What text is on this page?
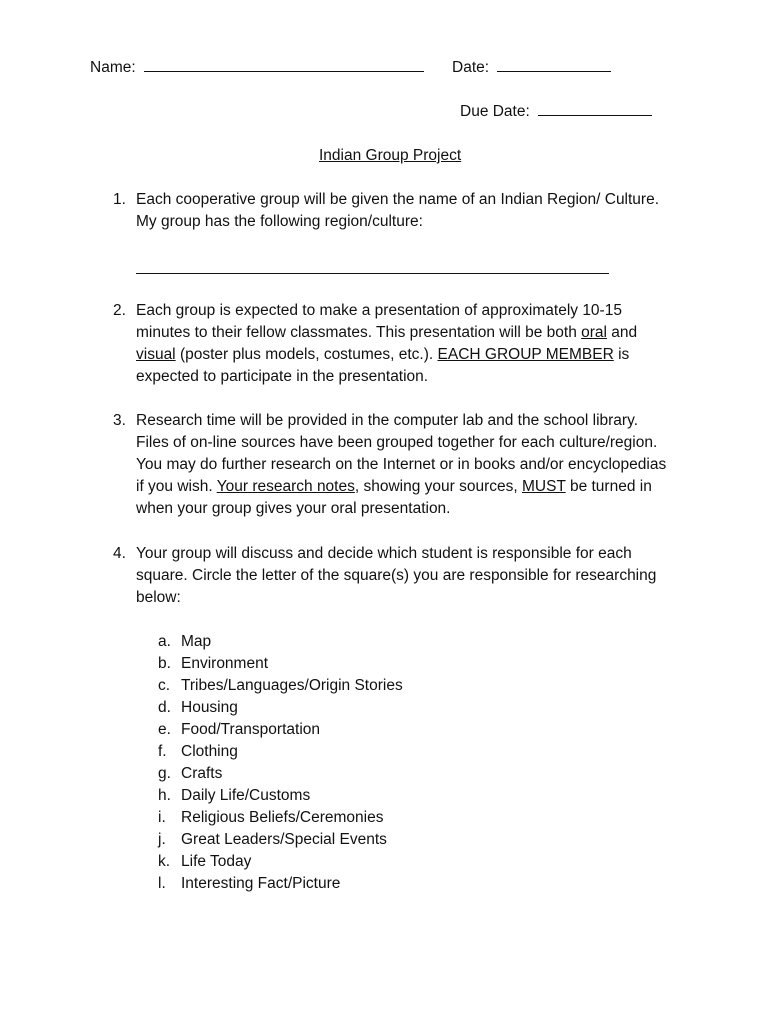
Name:	Date:
Due Date:
Indian Group Project
1. Each cooperative group will be given the name of an Indian Region/ Culture.
My group has the following region/culture:
2. Each group is expected to make a presentation of approximately 10-15
minutes to their fellow classmates. This presentation will be both oral and
visual (poster plus models, costumes, etc.). EACH GROUP MEMBER is
expected to participate in the presentation.
3. Research time will be provided in the computer lab and the school library.
Files of on-line sources have been grouped together for each culture/region.
You may do further research on the Internet or in books and/or encyclopedias
if you wish. Your research notes, showing your sources, MUST be turned in
when your group gives your oral presentation.
4. Your group will discuss and decide which student is responsible for each
square. Circle the letter of the square(s) you are responsible for researching
below:
a. Map
b. Environment
c. Tribes/Languages/Origin Stories
d. Housing
e. Food/Transportation
f. Clothing
g. Crafts
h. Daily Life/Customs
i. Religious Beliefs/Ceremonies
j. Great Leaders/Special Events
k. Life Today
l. Interesting Fact/Picture
